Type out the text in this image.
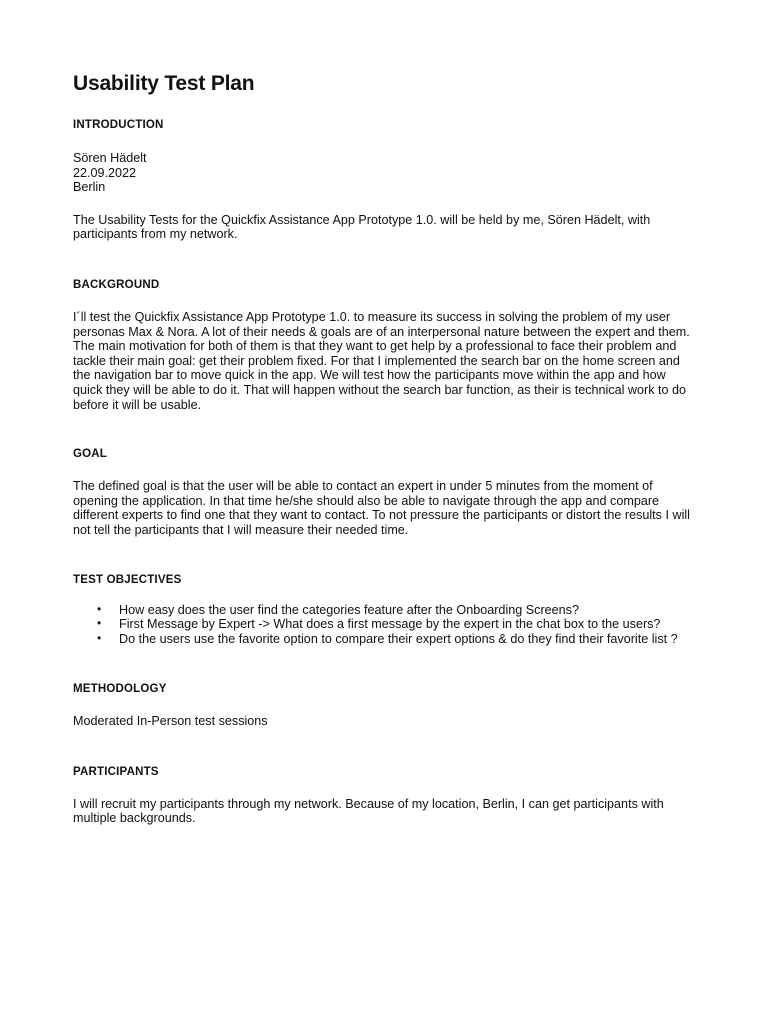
Usability Test Plan
INTRODUCTION

Sören Hädelt

22.09.2022

Berlin

The Usability Tests for the Quickfix Assistance App Prototype 1.0. will be held by me, Sören Hädelt, with participants from my network.

BACKGROUND

I´ll test the Quickfix Assistance App Prototype 1.0. to measure its success in solving the problem of my user personas Max & Nora. A lot of their needs & goals are of an interpersonal nature between the expert and them. The main motivation for both of them is that they want to get help by a professional to face their problem and tackle their main goal: get their problem fixed. For that I implemented the search bar on the home screen and the navigation bar to move quick in the app. We will test how the participants move within the app and how quick they will be able to do it. That will happen without the search bar function, as their is technical work to do before it will be usable.

GOAL

The defined goal is that the user will be able to contact an expert in under 5 minutes from the moment of opening the application. In that time he/she should also be able to navigate through the app and compare different experts to find one that they want to contact. To not pressure the participants or distort the results I will not tell the participants that I will measure their needed time.

TEST OBJECTIVES
• How easy does the user find the categories feature after the Onboarding Screens?
• First Message by Expert -> What does a first message by the expert in the chat box to the users?
• Do the users use the favorite option to compare their expert options & do they find their favorite list ?
METHODOLOGY

Moderated In-Person test sessions

PARTICIPANTS

I will recruit my participants through my network. Because of my location, Berlin, I can get participants with multiple backgrounds.
